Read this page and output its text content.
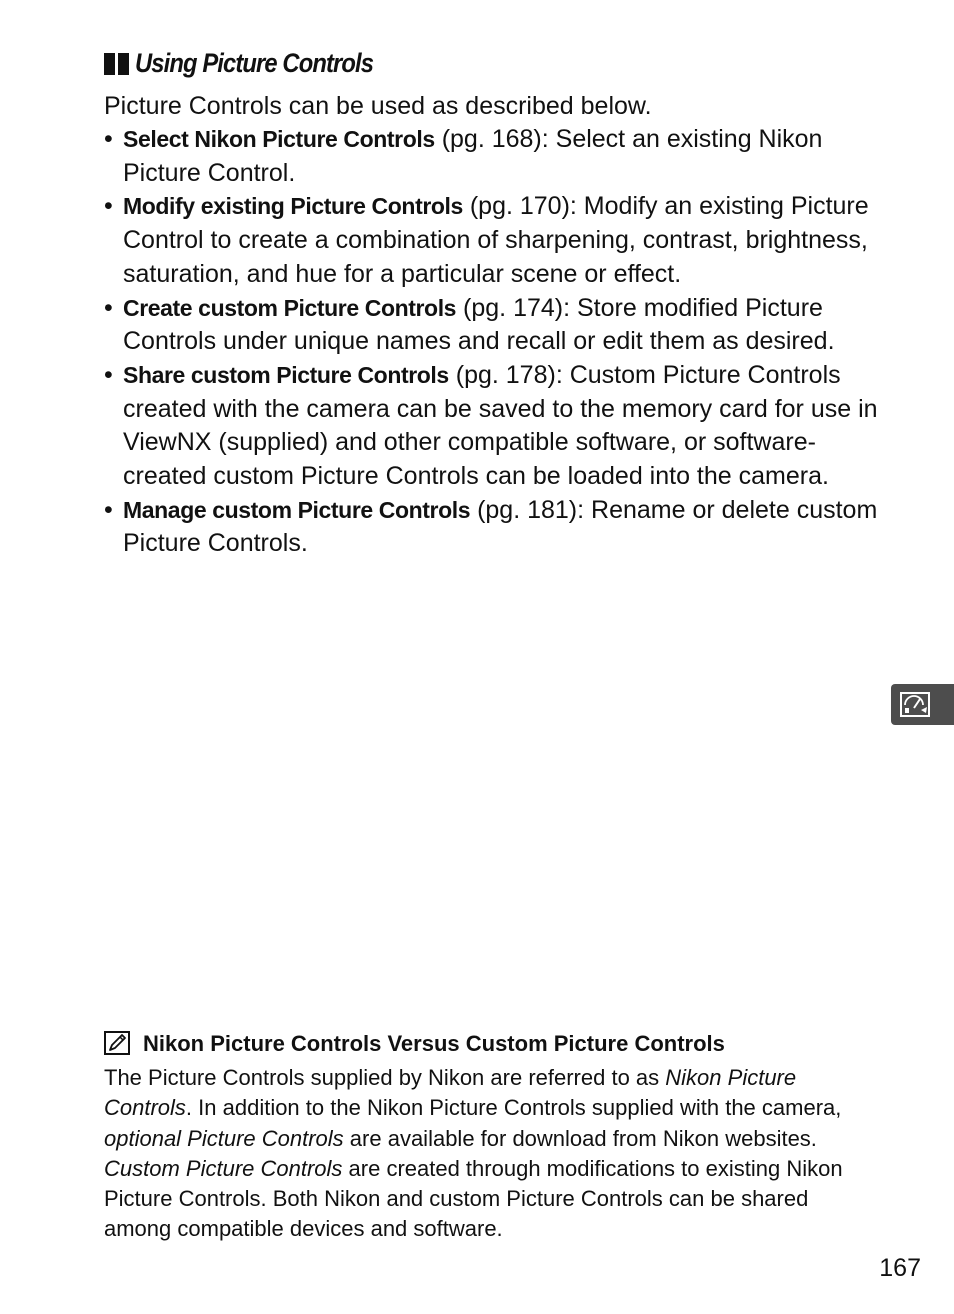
Using Picture Controls
Picture Controls can be used as described below.
• Select Nikon Picture Controls (pg. 168): Select an existing Nikon Picture Control.
• Modify existing Picture Controls (pg. 170): Modify an existing Picture Control to create a combination of sharpening, contrast, brightness, saturation, and hue for a particular scene or effect.
• Create custom Picture Controls (pg. 174): Store modified Picture Controls under unique names and recall or edit them as desired.
• Share custom Picture Controls (pg. 178): Custom Picture Controls created with the camera can be saved to the memory card for use in ViewNX (supplied) and other compatible software, or software-created custom Picture Controls can be loaded into the camera.
• Manage custom Picture Controls (pg. 181): Rename or delete custom Picture Controls.
Nikon Picture Controls Versus Custom Picture Controls

The Picture Controls supplied by Nikon are referred to as Nikon Picture Controls. In addition to the Nikon Picture Controls supplied with the camera, optional Picture Controls are available for download from Nikon websites. Custom Picture Controls are created through modifications to existing Nikon Picture Controls. Both Nikon and custom Picture Controls can be shared among compatible devices and software.

167
